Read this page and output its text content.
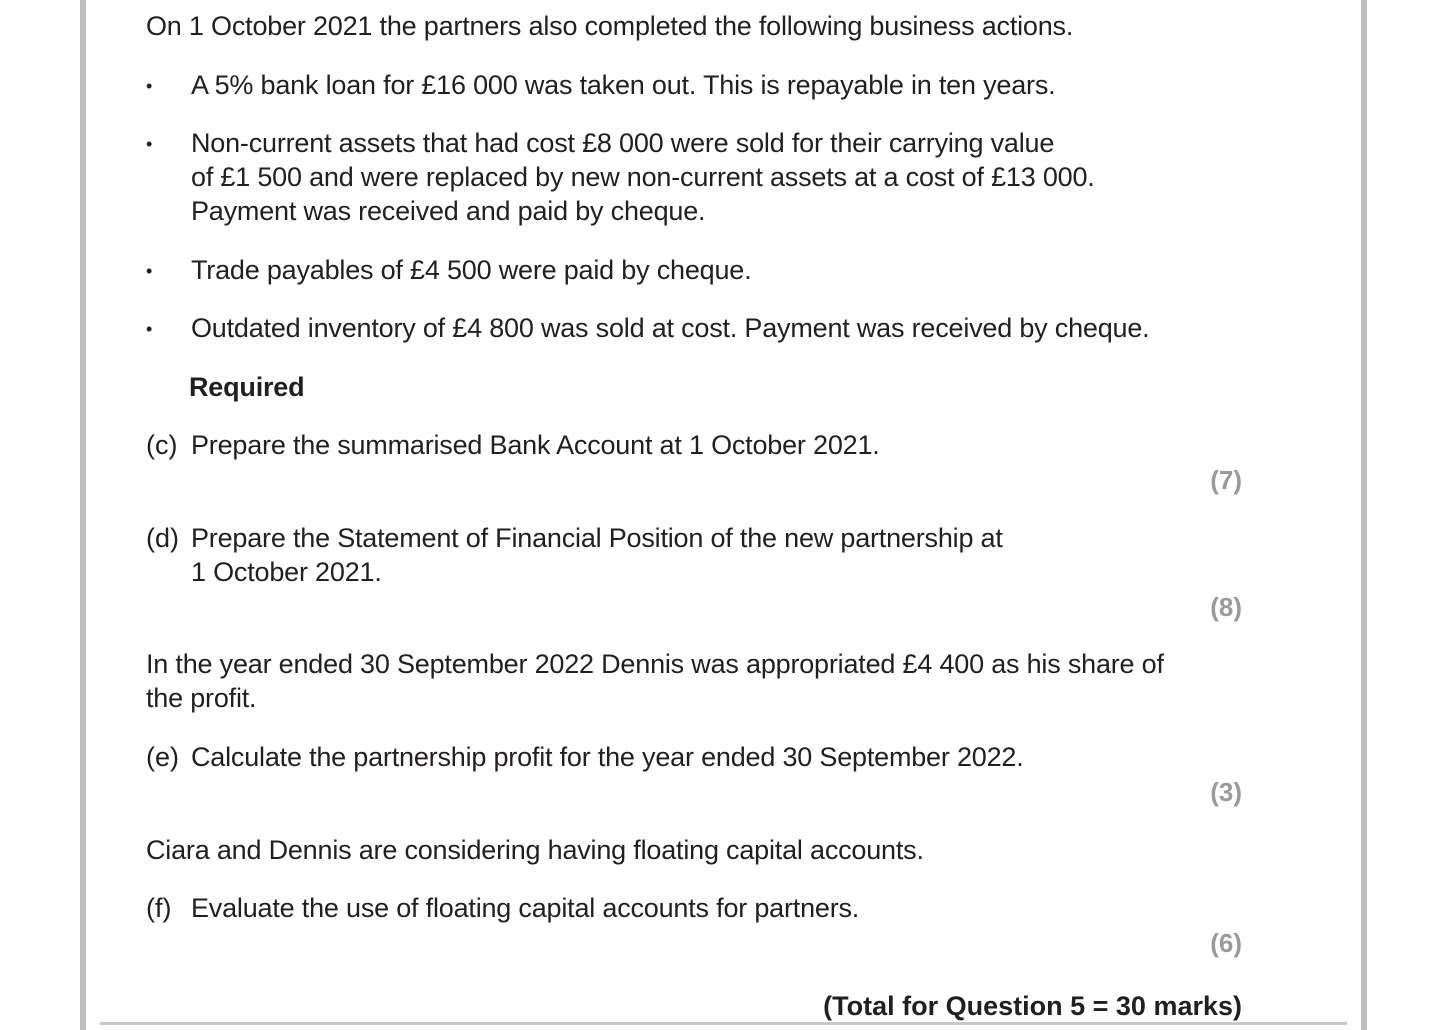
On 1 October 2021 the partners also completed the following business actions.
• A 5% bank loan for £16 000 was taken out. This is repayable in ten years.
• Non-current assets that had cost £8 000 were sold for their carrying value
of £1 500 and were replaced by new non-current assets at a cost of £13 000.
Payment was received and paid by cheque.
• Trade payables of £4 500 were paid by cheque.
• Outdated inventory of £4 800 was sold at cost. Payment was received by cheque.
Required
(c) Prepare the summarised Bank Account at 1 October 2021.
(7)
(d) Prepare the Statement of Financial Position of the new partnership at
1 October 2021.
(8)
In the year ended 30 September 2022 Dennis was appropriated £4 400 as his share of
the profit.
(e) Calculate the partnership profit for the year ended 30 September 2022.
(3)
Ciara and Dennis are considering having floating capital accounts.
(f) Evaluate the use of floating capital accounts for partners.
(6)
(Total for Question 5 = 30 marks)
